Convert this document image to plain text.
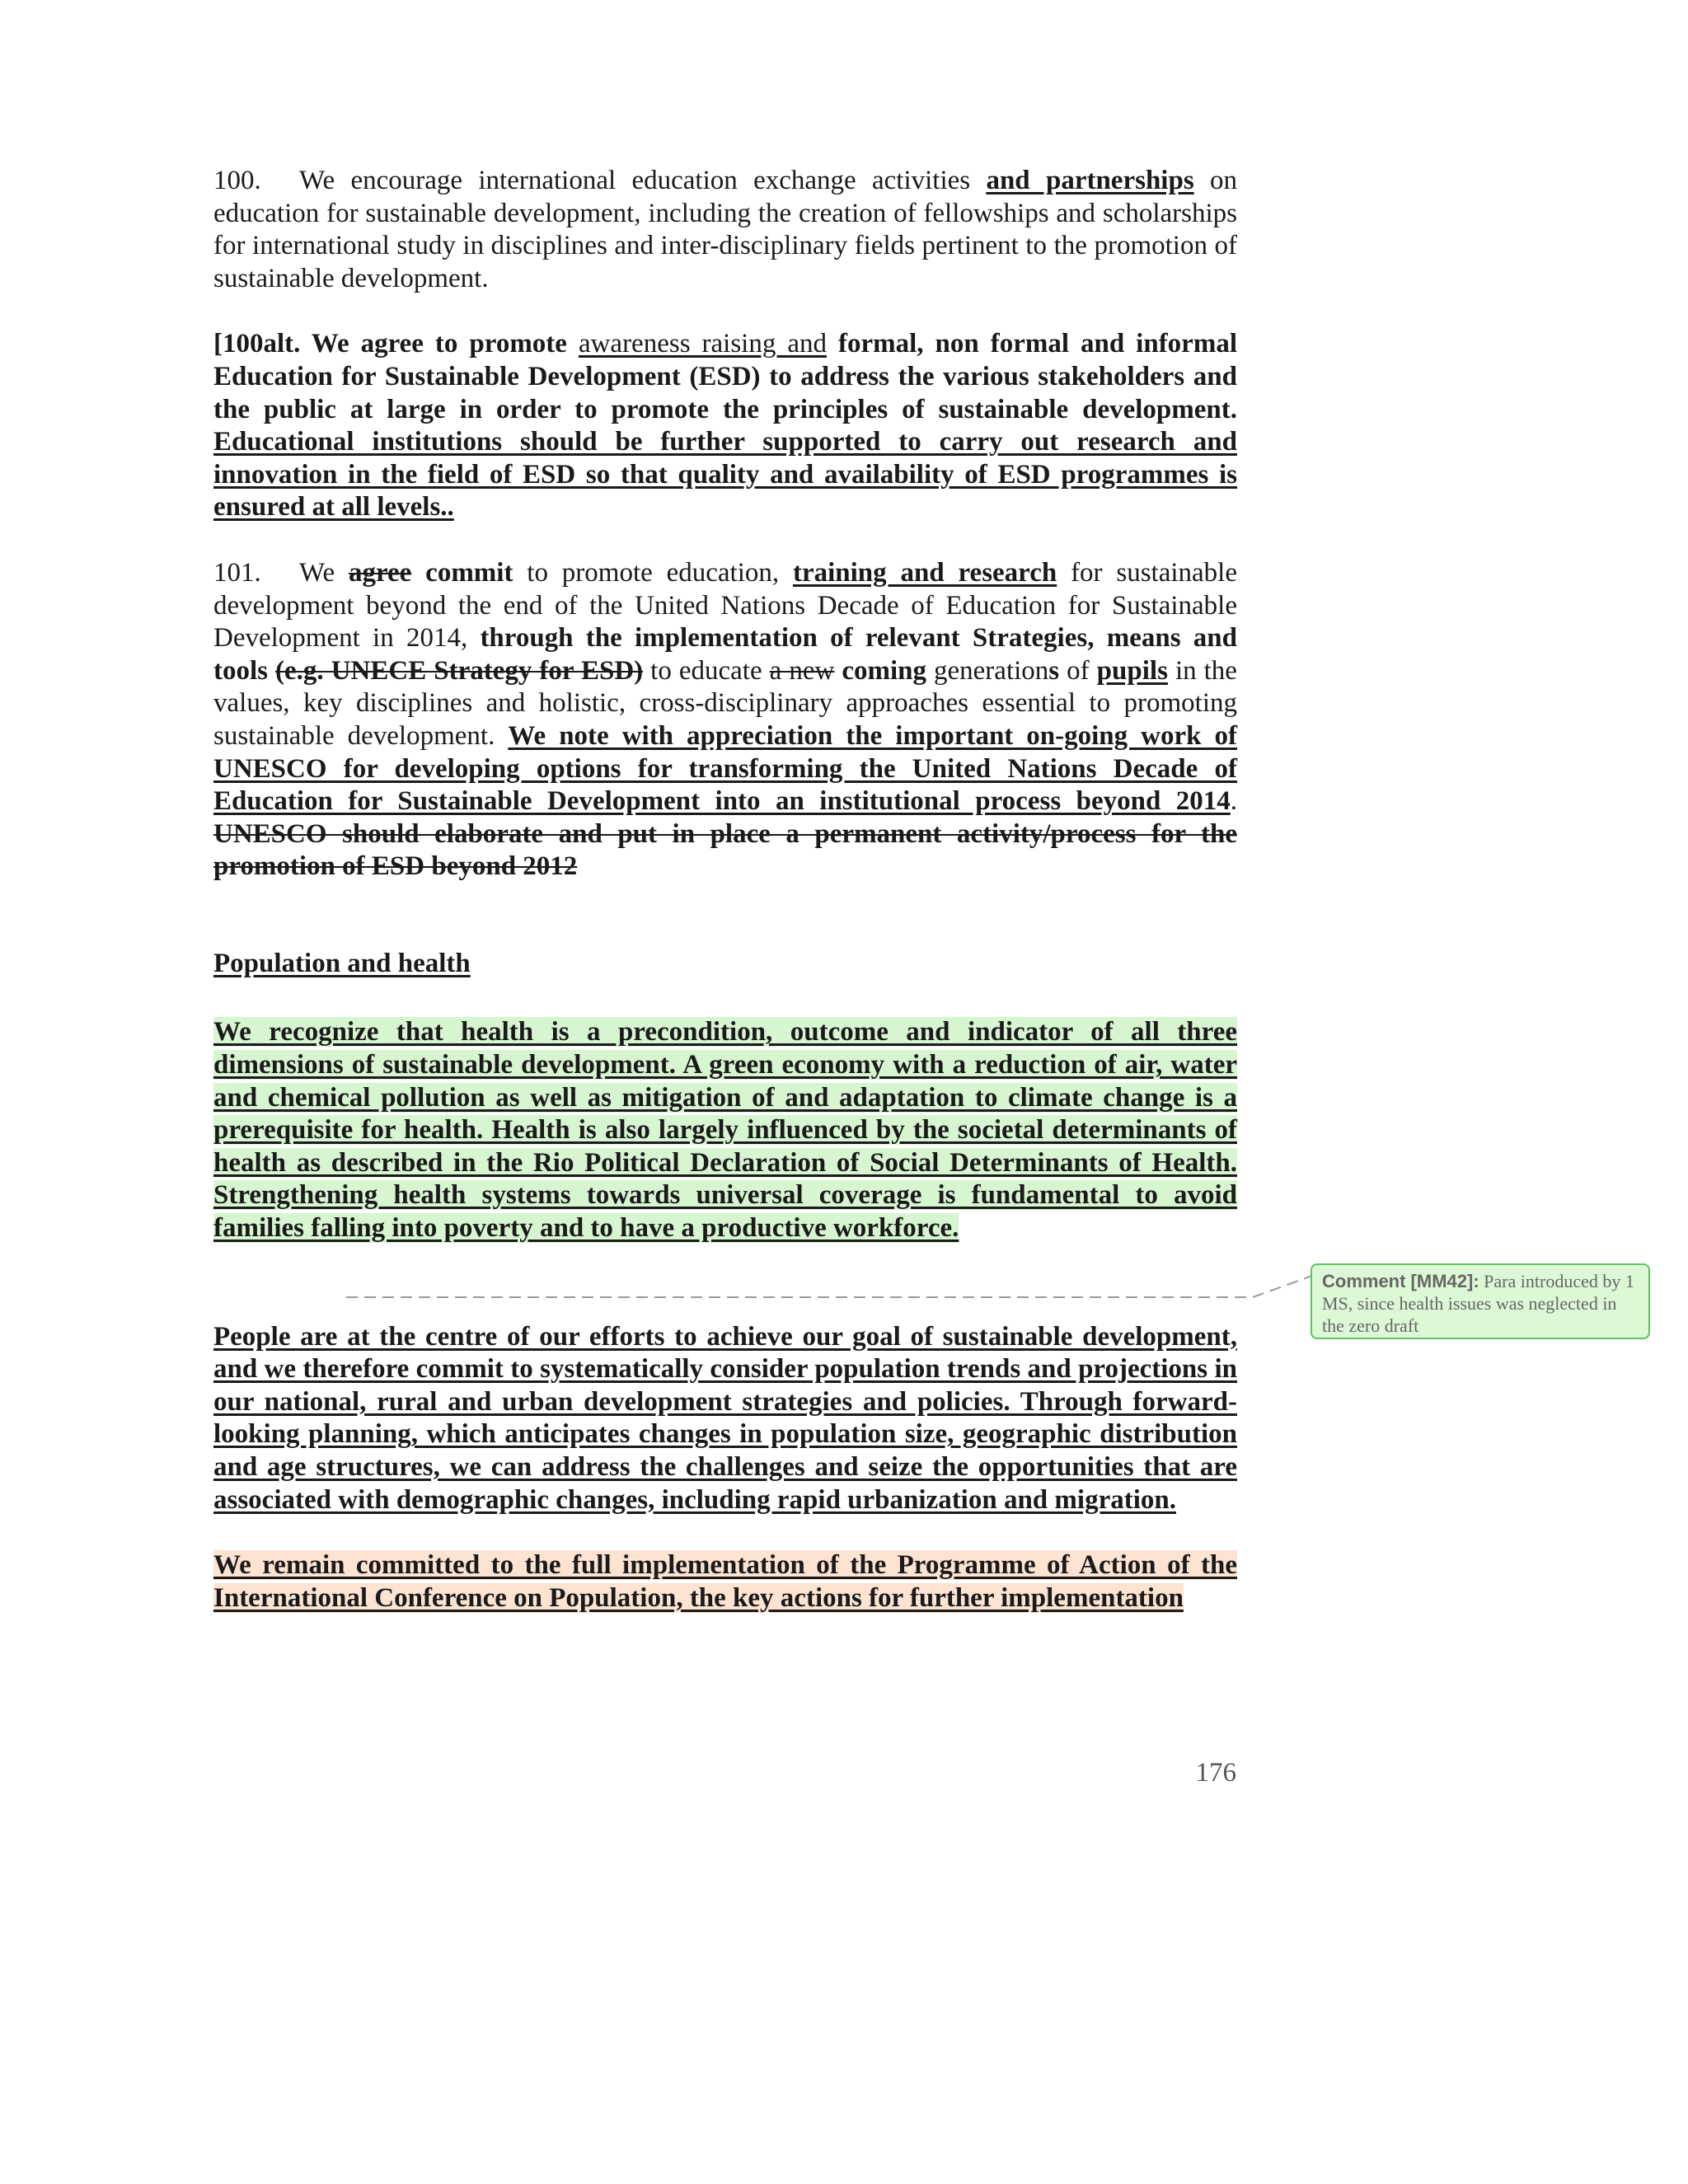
100. We encourage international education exchange activities and partnerships on education for sustainable development, including the creation of fellowships and scholarships for international study in disciplines and inter-disciplinary fields pertinent to the promotion of sustainable development.

[100alt. We agree to promote awareness raising and formal, non formal and informal Education for Sustainable Development (ESD) to address the various stakeholders and the public at large in order to promote the principles of sustainable development. Educational institutions should be further supported to carry out research and innovation in the field of ESD so that quality and availability of ESD programmes is ensured at all levels..

101. We agree commit to promote education, training and research for sustainable development beyond the end of the United Nations Decade of Education for Sustainable Development in 2014, through the implementation of relevant Strategies, means and tools (e.g. UNECE Strategy for ESD) to educate a new coming generations of pupils in the values, key disciplines and holistic, cross-disciplinary approaches essential to promoting sustainable development. We note with appreciation the important on-going work of UNESCO for developing options for transforming the United Nations Decade of Education for Sustainable Development into an institutional process beyond 2014. UNESCO should elaborate and put in place a permanent activity/process for the promotion of ESD beyond 2012

Population and health

We recognize that health is a precondition, outcome and indicator of all three dimensions of sustainable development. A green economy with a reduction of air, water and chemical pollution as well as mitigation of and adaptation to climate change is a prerequisite for health. Health is also largely influenced by the societal determinants of health as described in the Rio Political Declaration of Social Determinants of Health. Strengthening health systems towards universal coverage is fundamental to avoid families falling into poverty and to have a productive workforce.

People are at the centre of our efforts to achieve our goal of sustainable development, and we therefore commit to systematically consider population trends and projections in our national, rural and urban development strategies and policies. Through forward-looking planning, which anticipates changes in population size, geographic distribution and age structures, we can address the challenges and seize the opportunities that are associated with demographic changes, including rapid urbanization and migration.

We remain committed to the full implementation of the Programme of Action of the International Conference on Population, the key actions for further implementation

Comment [MM42]: Para introduced by 1 MS, since health issues was neglected in the zero draft
176
